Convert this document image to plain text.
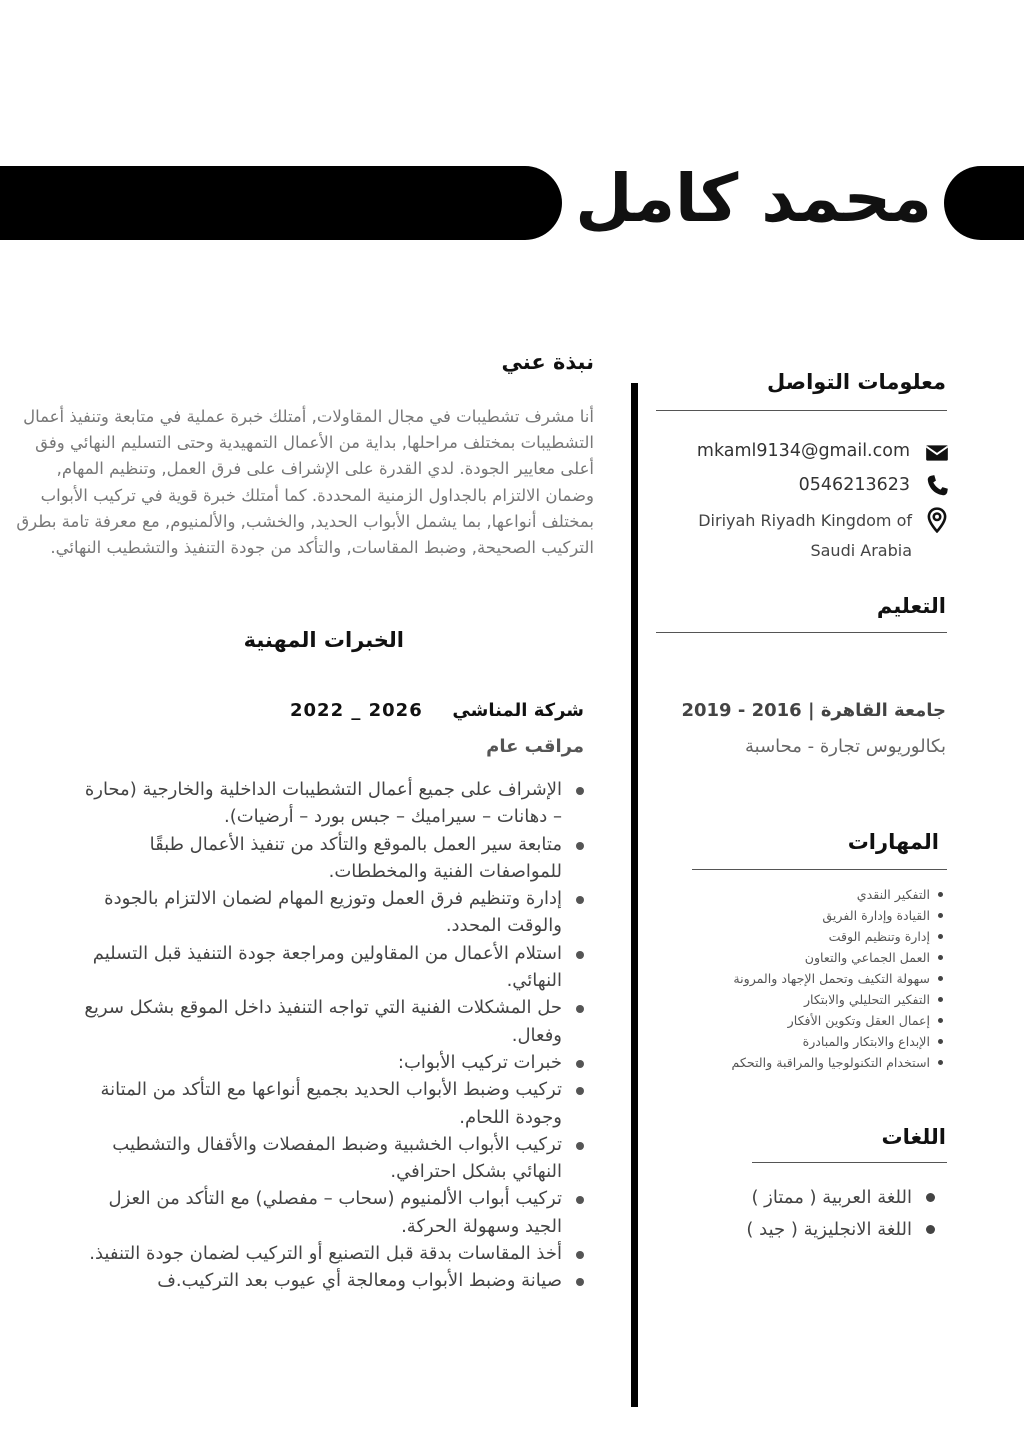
محمد كامل
نبذة عني
أنا مشرف تشطيبات في مجال المقاولات, أمتلك خبرة عملية في متابعة وتنفيذ أعمال التشطيبات بمختلف مراحلها, بداية من الأعمال التمهيدية وحتى التسليم النهائي وفق أعلى معايير الجودة. لدي القدرة على الإشراف على فرق العمل, وتنظيم المهام, وضمان الالتزام بالجداول الزمنية المحددة. كما أمتلك خبرة قوية في تركيب الأبواب بمختلف أنواعها, بما يشمل الأبواب الحديد, والخشب, والألمنيوم, مع معرفة تامة بطرق التركيب الصحيحة, وضبط المقاسات, والتأكد من جودة التنفيذ والتشطيب النهائي.
الخبرات المهنية
شركة المناشي
2022 _ 2026
مراقب عام
الإشراف على جميع أعمال التشطيبات الداخلية والخارجية (محارة – دهانات – سيراميك – جبس بورد – أرضيات).
متابعة سير العمل بالموقع والتأكد من تنفيذ الأعمال طبقًا للمواصفات الفنية والمخططات.
إدارة وتنظيم فرق العمل وتوزيع المهام لضمان الالتزام بالجودة والوقت المحدد.
استلام الأعمال من المقاولين ومراجعة جودة التنفيذ قبل التسليم النهائي.
حل المشكلات الفنية التي تواجه التنفيذ داخل الموقع بشكل سريع وفعال.
خبرات تركيب الأبواب:
تركيب وضبط الأبواب الحديد بجميع أنواعها مع التأكد من المتانة وجودة اللحام.
تركيب الأبواب الخشبية وضبط المفصلات والأقفال والتشطيب النهائي بشكل احترافي.
تركيب أبواب الألمنيوم (سحاب – مفصلي) مع التأكد من العزل الجيد وسهولة الحركة.
أخذ المقاسات بدقة قبل التصنيع أو التركيب لضمان جودة التنفيذ.
صيانة وضبط الأبواب ومعالجة أي عيوب بعد التركيب.ف
معلومات التواصل
mkaml9134@gmail.com
0546213623
Diriyah Riyadh Kingdom of
Saudi Arabia
التعليم
جامعة القاهرة | 2016 - 2019
بكالوريوس تجارة - محاسبة
المهارات
التفكير النقدي
القيادة وإدارة الفريق
إدارة وتنظيم الوقت
العمل الجماعي والتعاون
سهولة التكيف وتحمل الإجهاد والمرونة
التفكير التحليلي والابتكار
إعمال العقل وتكوين الأفكار
الإبداع والابتكار والمبادرة
استخدام التكنولوجيا والمراقبة والتحكم
اللغات
اللغة العربية ( ممتاز )
اللغة الانجليزية ( جيد )
